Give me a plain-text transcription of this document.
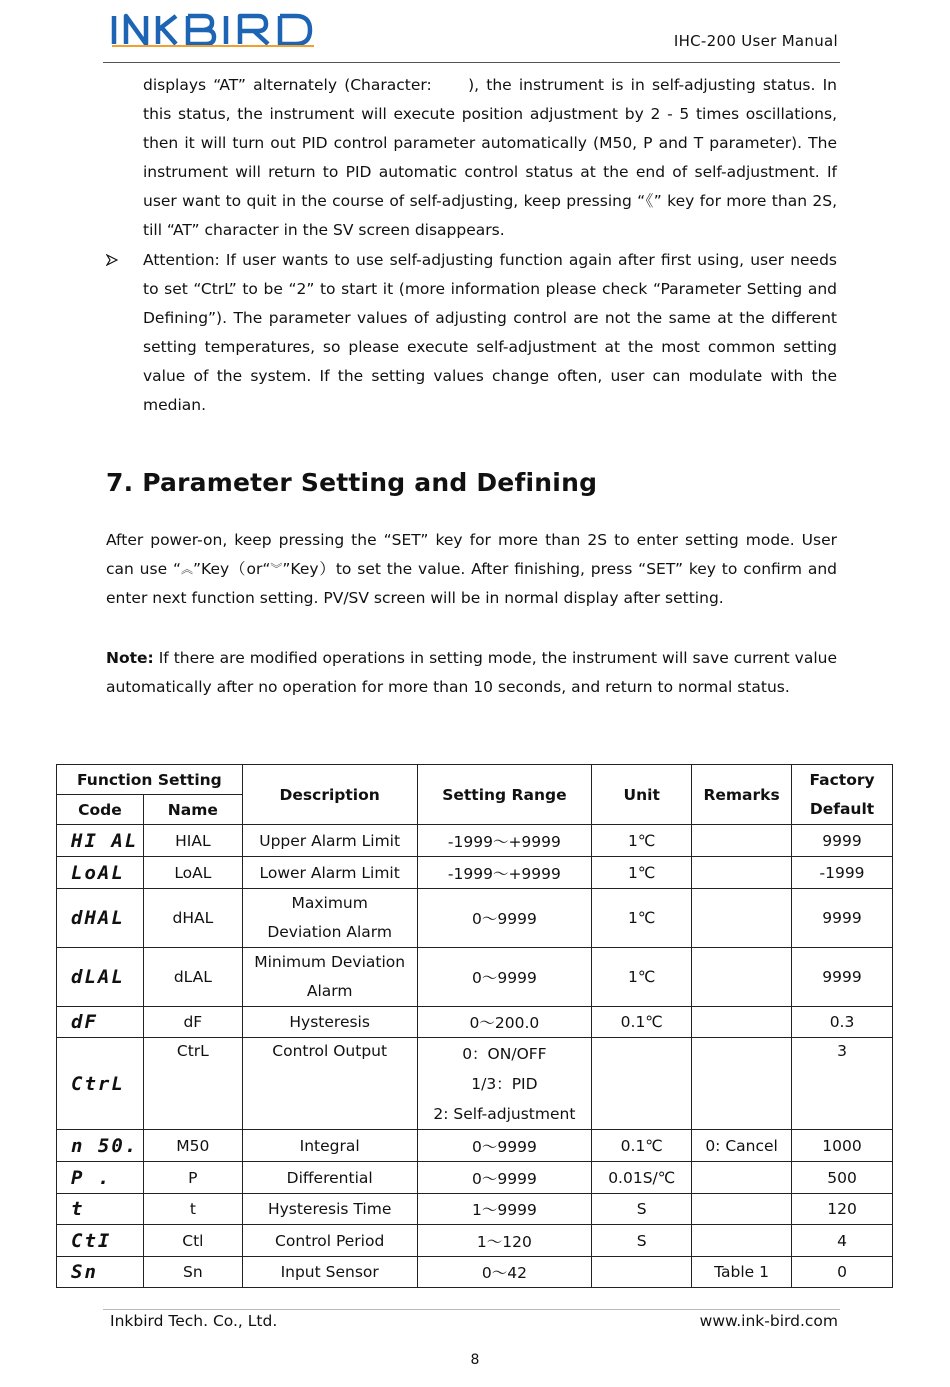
IHC-200 User Manual
displays “AT” alternately (Character: ), the instrument is in self-adjusting status. In this status, the instrument will execute position adjustment by 2 - 5 times oscillations, then it will turn out PID control parameter automatically (M50, P and T parameter). The instrument will return to PID automatic control status at the end of self-adjustment. If user want to quit in the course of self-adjusting, keep pressing “《” key for more than 2S, till “AT” character in the SV screen disappears.
Attention: If user wants to use self-adjusting function again after first using, user needs to set “CtrL” to be “2” to start it (more information please check “Parameter Setting and Defining”). The parameter values of adjusting control are not the same at the different setting temperatures, so please execute self-adjustment at the most common setting value of the system. If the setting values change often, user can modulate with the median.
7. Parameter Setting and Defining
After power-on, keep pressing the “SET” key for more than 2S to enter setting mode. User can use “︽”Key（or“︾”Key）to set the value. After finishing, press “SET” key to confirm and enter next function setting. PV/SV screen will be in normal display after setting.
Note: If there are modified operations in setting mode, the instrument will save current value automatically after no operation for more than 10 seconds, and return to normal status.
Function Setting		Description	Setting Range	Unit	Remarks	Factory
Default

Code	Name					
HI AL	HIAL	Upper Alarm Limit	-1999～+9999	1℃		9999
LoAL	LoAL	Lower Alarm Limit	-1999～+9999	1℃		-1999
dHAL	dHAL	Maximum
Deviation Alarm	0～9999	1℃		9999
dLAL	dLAL	Minimum Deviation
Alarm	0～9999	1℃		9999
dF	dF	Hysteresis	0～200.0	0.1℃		0.3
CtrL	CtrL	Control Output	0：ON/OFF
1/3：PID
2: Self-adjustment			3
n 50.	M50	Integral	0～9999	0.1℃	0: Cancel	1000
P .	P	Differential	0～9999	0.01S/℃		500
t	t	Hysteresis Time	1～9999	S		120
CtI	Ctl	Control Period	1～120	S		4
Sn	Sn	Input Sensor	0～42		Table 1	0
Inkbird Tech. Co., Ltd.	www.ink-bird.com
8
